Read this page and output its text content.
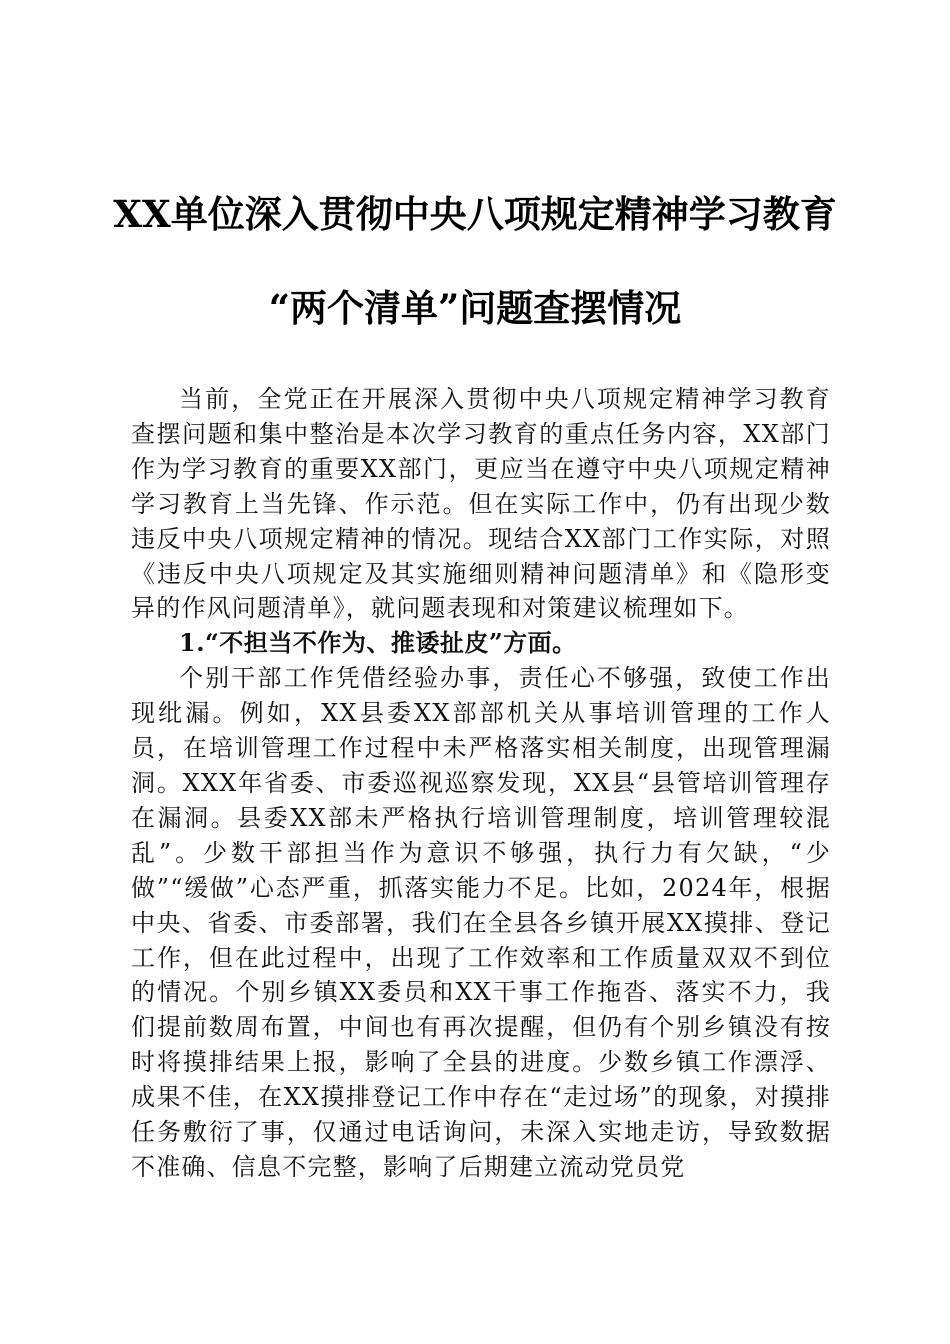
XX单位深入贯彻中央八项规定精神学习教育
“两个清单”问题查摆情况

当前，全党正在开展深入贯彻中央八项规定精神学习教育查摆问题和集中整治是本次学习教育的重点任务内容，XX部门作为学习教育的重要XX部门，更应当在遵守中央八项规定精神学习教育上当先锋、作示范。但在实际工作中，仍有出现少数违反中央八项规定精神的情况。现结合XX部门工作实际，对照《违反中央八项规定及其实施细则精神问题清单》和《隐形变异的作风问题清单》，就问题表现和对策建议梳理如下。

1.“不担当不作为、推诿扯皮”方面。

个别干部工作凭借经验办事，责任心不够强，致使工作出现纰漏。例如，XX县委XX部部机关从事培训管理的工作人员，在培训管理工作过程中未严格落实相关制度，出现管理漏洞。XXX年省委、市委巡视巡察发现，XX县“县管培训管理存在漏洞。县委XX部未严格执行培训管理制度，培训管理较混乱”。少数干部担当作为意识不够强，执行力有欠缺，“少做”“缓做”心态严重，抓落实能力不足。比如，2024年，根据中央、省委、市委部署，我们在全县各乡镇开展XX摸排、登记工作，但在此过程中，出现了工作效率和工作质量双双不到位的情况。个别乡镇XX委员和XX干事工作拖沓、落实不力，我们提前数周布置，中间也有再次提醒，但仍有个别乡镇没有按时将摸排结果上报，影响了全县的进度。少数乡镇工作漂浮、成果不佳，在XX摸排登记工作中存在“走过场”的现象，对摸排任务敷衍了事，仅通过电话询问，未深入实地走访，导致数据不准确、信息不完整，影响了后期建立流动党员党
